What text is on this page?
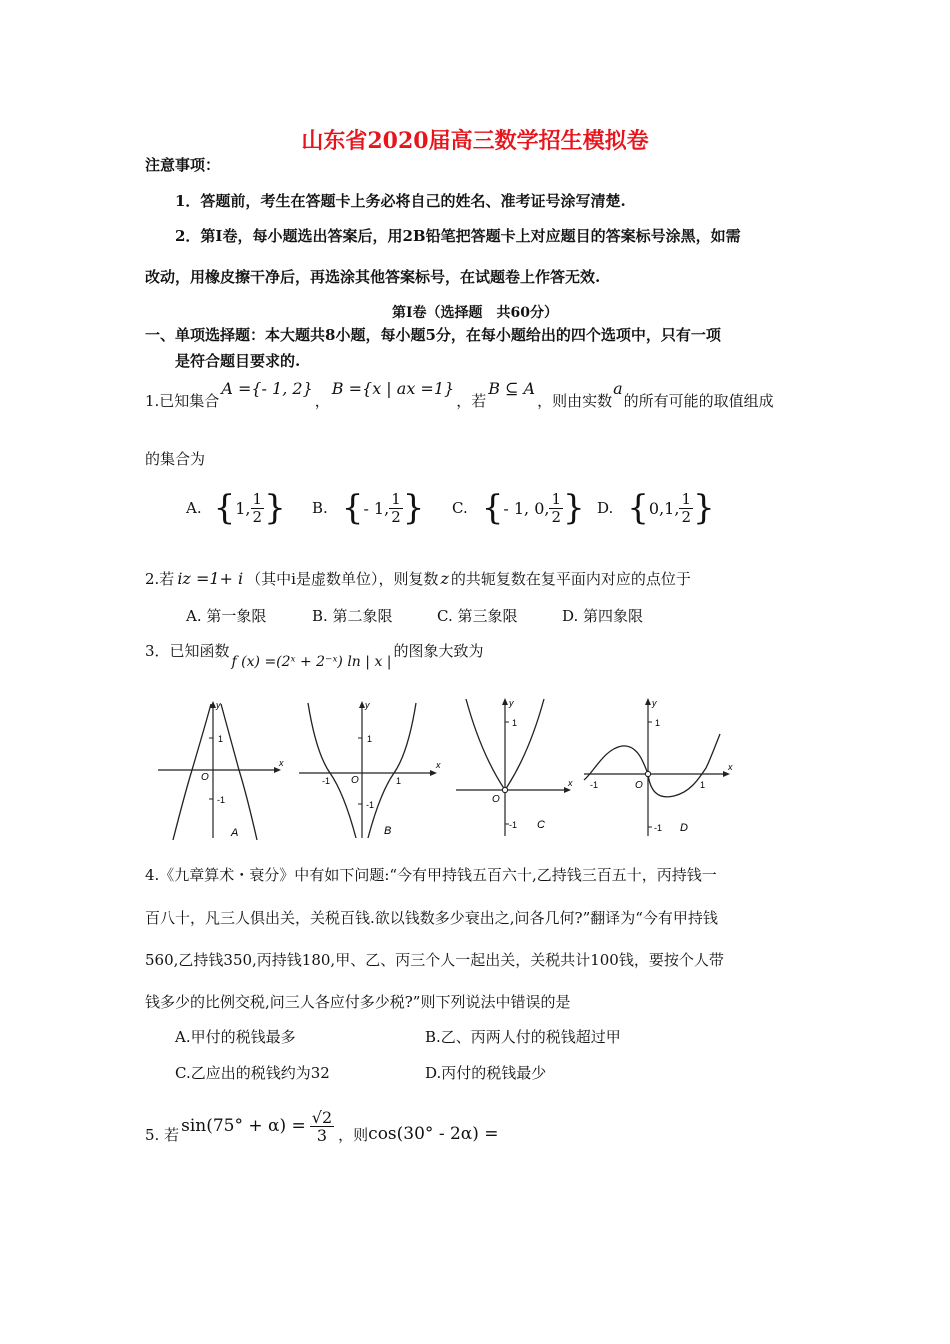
山东省2020届高三数学招生模拟卷
注意事项：
1．答题前，考生在答题卡上务必将自己的姓名、准考证号涂写清楚.
2．第Ⅰ卷，每小题选出答案后，用2B铅笔把答题卡上对应题目的答案标号涂黑，如需
改动，用橡皮擦干净后，再选涂其他答案标号，在试题卷上作答无效.
第Ⅰ卷（选择题　共60分）
一、单项选择题：本大题共8小题，每小题5分，在每小题给出的四个选项中，只有一项
是符合题目要求的.
1.已知集合
A ={- 1, 2}
，
B ={x | ax =1}
，若
B ⊆ A
，则由实数
a
的所有可能的取值组成
的集合为
A. { 1, $\frac{1}{2}$ } B. { - 1, $\frac{1}{2}$ } C. { - 1, 0, $\frac{1}{2}$ } D. { 0,1, $\frac{1}{2}$ }
2.若 iz =1+ i （其中i是虚数单位），则复数 z 的共轭复数在复平面内对应的点位于
A. 第一象限	B. 第二象限	C. 第三象限	D. 第四象限
3．已知函数
f (x) =(2ˣ + 2⁻ˣ) ln | x |
的图象大致为
x
y
O
1
-1
A
x
y
O
1
-1
-1	1
B
x
y
O
1
-1 C
x
y
O
1
-1
-1	1
D
4.《九章算术・衰分》中有如下问题:“今有甲持钱五百六十,乙持钱三百五十，丙持钱一
百八十，凡三人俱出关，关税百钱.欲以钱数多少衰出之,问各几何?”翻译为“今有甲持钱
560,乙持钱350,丙持钱180,甲、乙、丙三个人一起出关，关税共计100钱，要按个人带
钱多少的比例交税,问三人各应付多少税?”则下列说法中错误的是
A.甲付的税钱最多	B.乙、丙两人付的税钱超过甲
C.乙应出的税钱约为32	D.丙付的税钱最少
5. 若 $\sin(75^\circ + \alpha) = \frac{√2}{3}$ ，则 cos(30° - 2α) =
